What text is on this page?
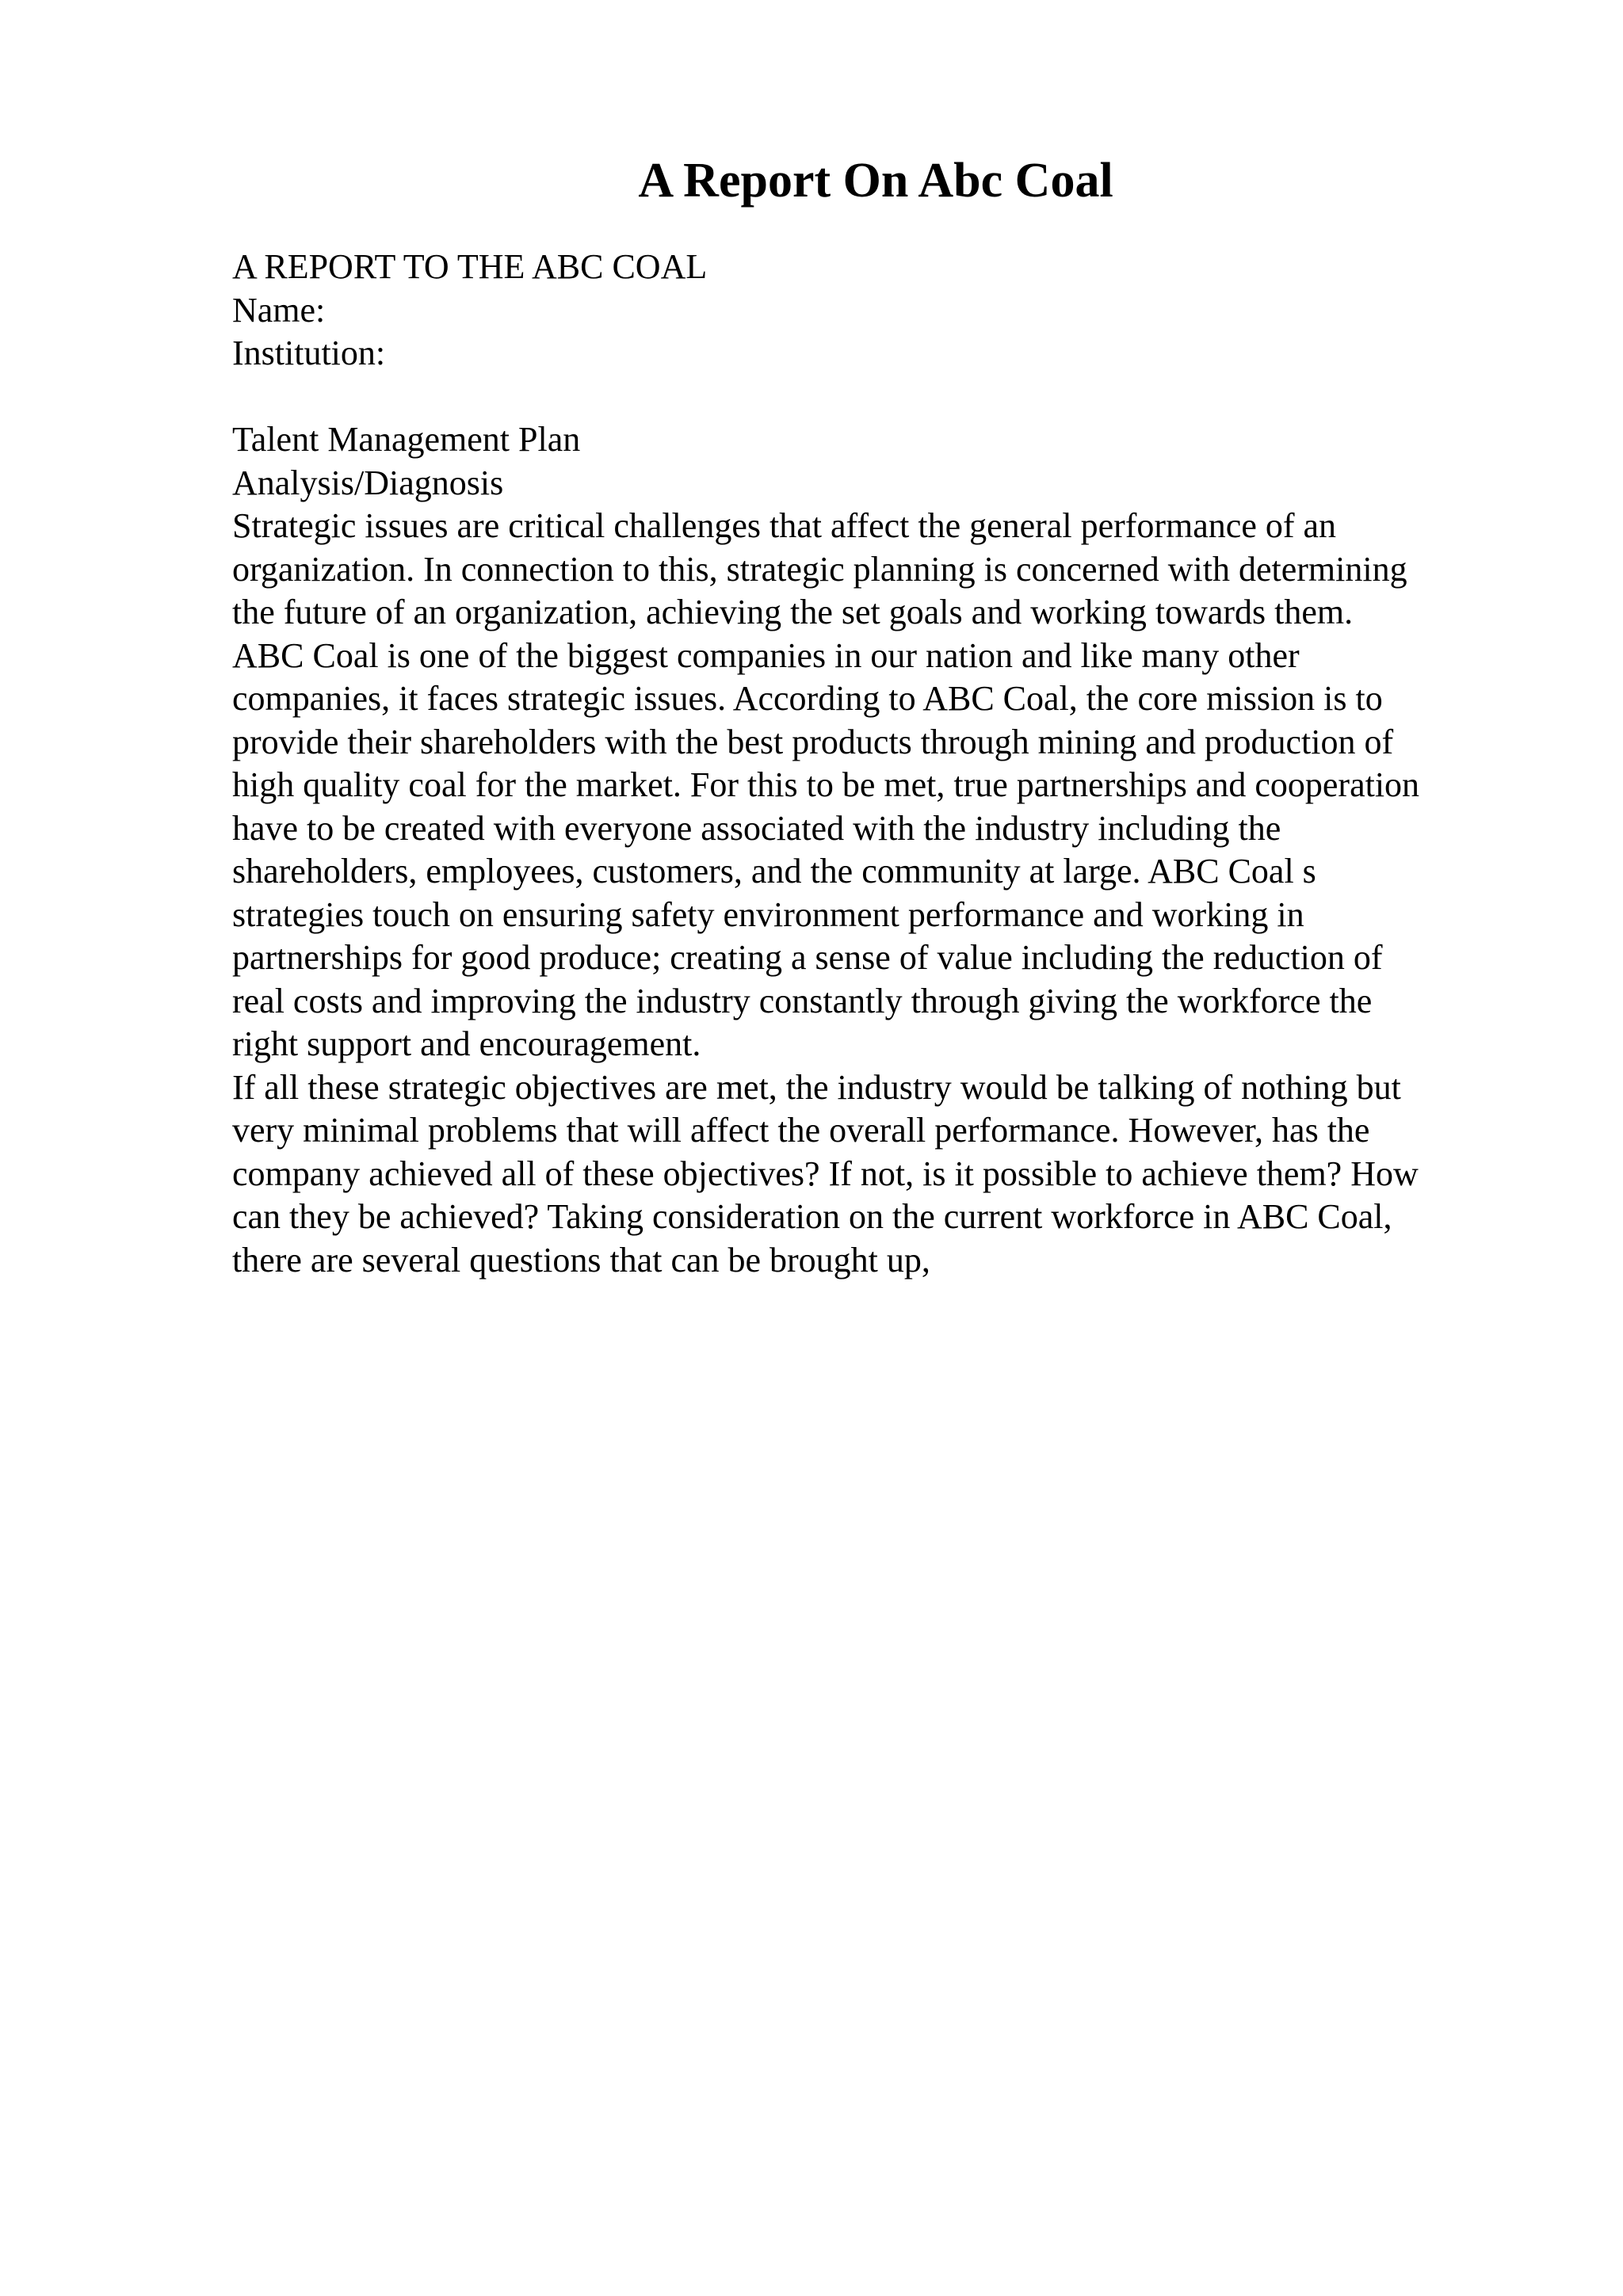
A Report On Abc Coal
A REPORT TO THE ABC COAL
Name:
Institution:
Talent Management Plan
Analysis/Diagnosis
Strategic issues are critical challenges that affect the general performance of an
organization. In connection to this, strategic planning is concerned with determining
the future of an organization, achieving the set goals and working towards them.
ABC Coal is one of the biggest companies in our nation and like many other
companies, it faces strategic issues. According to ABC Coal, the core mission is to
provide their shareholders with the best products through mining and production of
high quality coal for the market. For this to be met, true partnerships and cooperation
have to be created with everyone associated with the industry including the
shareholders, employees, customers, and the community at large. ABC Coal s
strategies touch on ensuring safety environment performance and working in
partnerships for good produce; creating a sense of value including the reduction of
real costs and improving the industry constantly through giving the workforce the
right support and encouragement.
If all these strategic objectives are met, the industry would be talking of nothing but
very minimal problems that will affect the overall performance. However, has the
company achieved all of these objectives? If not, is it possible to achieve them? How
can they be achieved? Taking consideration on the current workforce in ABC Coal,
there are several questions that can be brought up,
